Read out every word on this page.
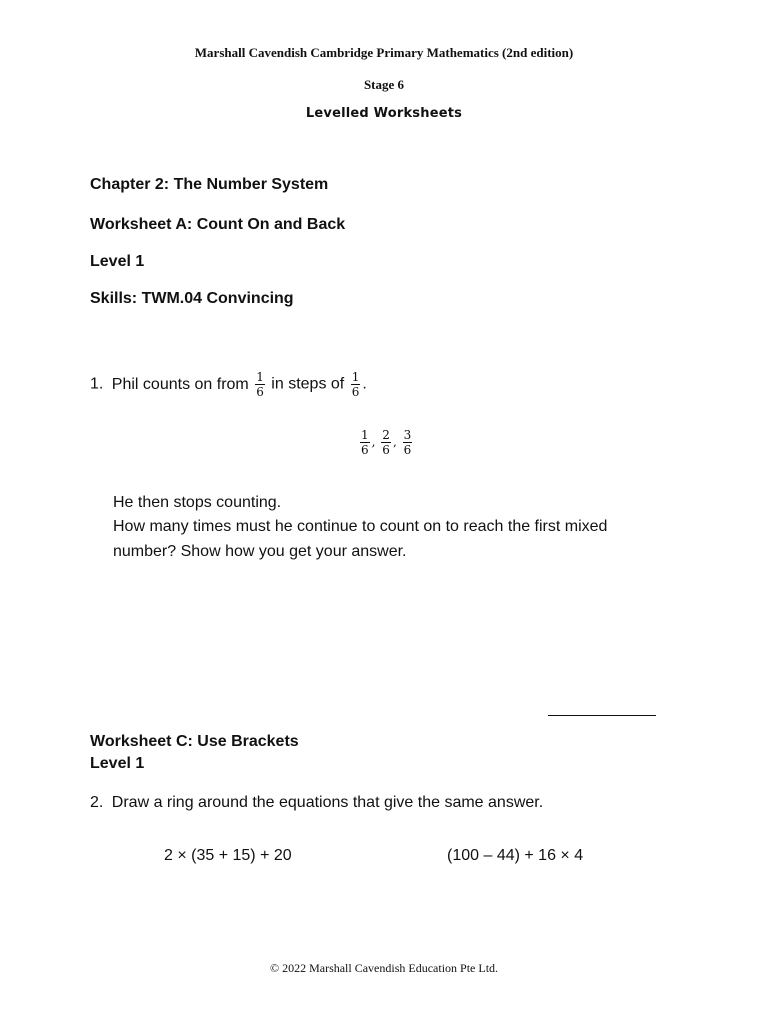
Marshall Cavendish Cambridge Primary Mathematics (2nd edition)
Stage 6
Levelled Worksheets
Chapter 2: The Number System
Worksheet A: Count On and Back
Level 1
Skills: TWM.04 Convincing
1. Phil counts on from $\frac{1}{6}$ in steps of $\frac{1}{6}$ .
$\frac{1}{6}$ , $\frac{2}{6}$ , $\frac{3}{6}$
He then stops counting.
How many times must he continue to count on to reach the first mixed
number? Show how you get your answer.
Worksheet C: Use Brackets
Level 1
2. Draw a ring around the equations that give the same answer.
2 × (35 + 15) + 20	(100 – 44) + 16 × 4
© 2022 Marshall Cavendish Education Pte Ltd.
